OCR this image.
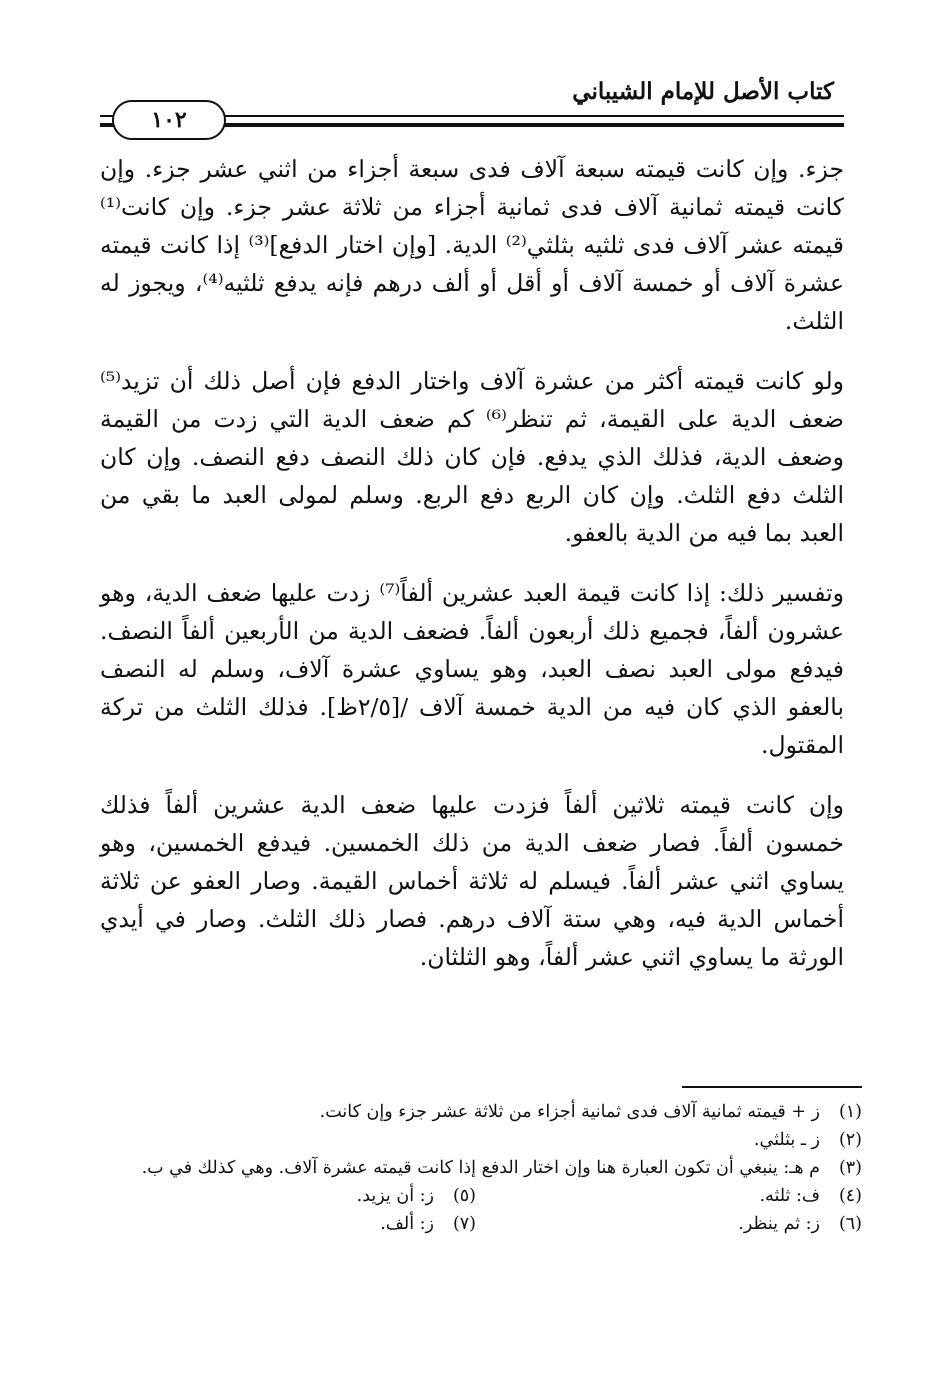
كتاب الأصل للإمام الشيباني
١٠٢

جزء. وإن كانت قيمته سبعة آلاف فدى سبعة أجزاء من اثني عشر جزء. وإن كانت قيمته ثمانية آلاف فدى ثمانية أجزاء من ثلاثة عشر جزء. وإن كانت⁽¹⁾ قيمته عشر آلاف فدى ثلثيه بثلثي⁽²⁾ الدية. [وإن اختار الدفع]⁽³⁾ إذا كانت قيمته عشرة آلاف أو خمسة آلاف أو أقل أو ألف درهم فإنه يدفع ثلثيه⁽⁴⁾، ويجوز له الثلث.

ولو كانت قيمته أكثر من عشرة آلاف واختار الدفع فإن أصل ذلك أن تزيد⁽⁵⁾ ضعف الدية على القيمة، ثم تنظر⁽⁶⁾ كم ضعف الدية التي زدت من القيمة وضعف الدية، فذلك الذي يدفع. فإن كان ذلك النصف دفع النصف. وإن كان الثلث دفع الثلث. وإن كان الربع دفع الربع. وسلم لمولى العبد ما بقي من العبد بما فيه من الدية بالعفو.

وتفسير ذلك: إذا كانت قيمة العبد عشرين ألفاً⁽⁷⁾ زدت عليها ضعف الدية، وهو عشرون ألفاً، فجميع ذلك أربعون ألفاً. فضعف الدية من الأربعين ألفاً النصف. فيدفع مولى العبد نصف العبد، وهو يساوي عشرة آلاف، وسلم له النصف بالعفو الذي كان فيه من الدية خمسة آلاف /[٢/٥ظ]. فذلك الثلث من تركة المقتول.

وإن كانت قيمته ثلاثين ألفاً فزدت عليها ضعف الدية عشرين ألفاً فذلك خمسون ألفاً. فصار ضعف الدية من ذلك الخمسين. فيدفع الخمسين، وهو يساوي اثني عشر ألفاً. فيسلم له ثلاثة أخماس القيمة. وصار العفو عن ثلاثة أخماس الدية فيه، وهي ستة آلاف درهم. فصار ذلك الثلث. وصار في أيدي الورثة ما يساوي اثني عشر ألفاً، وهو الثلثان.

(١)
ز + قيمته ثمانية آلاف فدى ثمانية أجزاء من ثلاثة عشر جزء وإن كانت.
(٢)
ز ـ بثلثي.
(٣)
م هـ: ينبغي أن تكون العبارة هنا وإن اختار الدفع إذا كانت قيمته عشرة آلاف. وهي كذلك في ب.
(٤)
ف: ثلثه.
(٥)
ز: أن يزيد.
(٦)
ز: ثم ينظر.
(٧)
ز: ألف.
